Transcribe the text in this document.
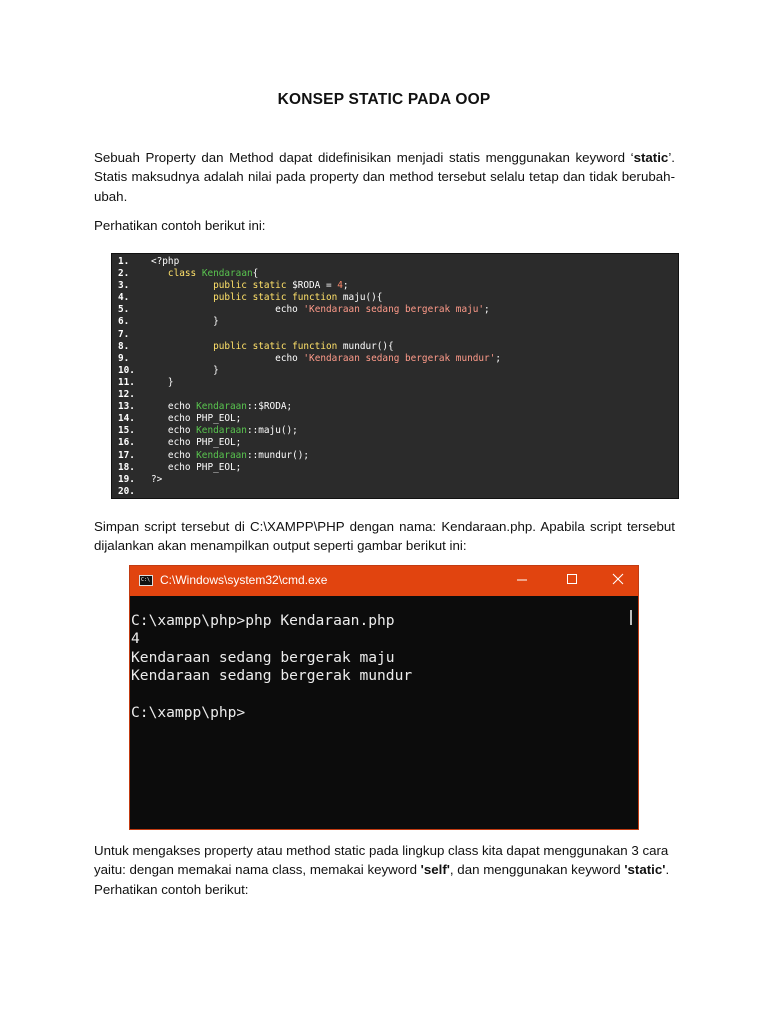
KONSEP STATIC PADA OOP

Sebuah Property dan Method dapat didefinisikan menjadi statis menggunakan keyword ‘static’. Statis maksudnya adalah nilai pada property dan method tersebut selalu tetap dan tidak berubah-ubah.

Perhatikan contoh berikut ini:

1. <?php
2.   class Kendaraan{
3.           public static $RODA = 4;
4.           public static function maju(){
5.                      echo 'Kendaraan sedang bergerak maju';
6.           }
7.
8.           public static function mundur(){
9.                      echo 'Kendaraan sedang bergerak mundur';
10.           }
11.   }
12.
13.   echo Kendaraan::$RODA;
14.   echo PHP_EOL;
15.   echo Kendaraan::maju();
16.   echo PHP_EOL;
17.   echo Kendaraan::mundur();
18.   echo PHP_EOL;
19. ?>
20.

Simpan script tersebut di C:\XAMPP\PHP dengan nama: Kendaraan.php. Apabila script tersebut dijalankan akan menampilkan output seperti gambar berikut ini:

C:\ C:\Windows\system32\cmd.exe
C:\xampp\php>php Kendaraan.php
4
Kendaraan sedang bergerak maju
Kendaraan sedang bergerak mundur
C:\xampp\php>

Untuk mengakses property atau method static pada lingkup class kita dapat menggunakan 3 cara yaitu: dengan memakai nama class, memakai keyword 'self', dan menggunakan keyword 'static'. Perhatikan contoh berikut:
